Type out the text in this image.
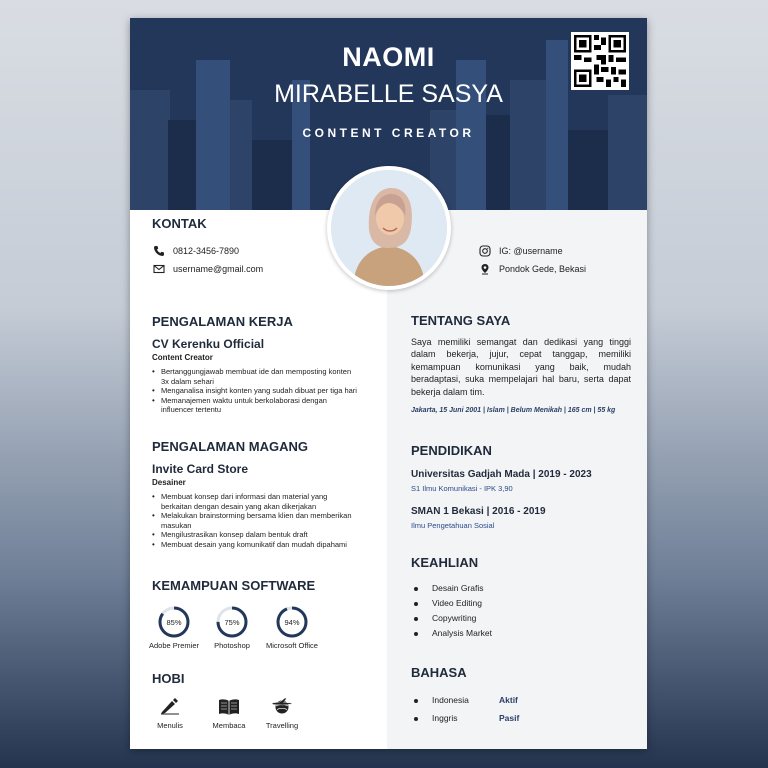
NAOMI
MIRABELLE SASYA
CONTENT CREATOR
KONTAK
0812-3456-7890
username@gmail.com
IG: @username
Pondok Gede, Bekasi
PENGALAMAN KERJA
CV Kerenku Official
Content Creator
• Bertanggungjawab membuat ide dan memposting konten
3x dalam sehari
• Menganalisa insight konten yang sudah dibuat per tiga hari
• Memanajemen waktu untuk berkolaborasi dengan
influencer tertentu
PENGALAMAN MAGANG
Invite Card Store
Desainer
• Membuat konsep dari informasi dan material yang
berkaitan dengan desain yang akan dikerjakan
• Melakukan brainstorming bersama klien dan memberikan
masukan
• Mengilustrasikan konsep dalam bentuk draft
• Membuat desain yang komunikatif dan mudah dipahami
KEMAMPUAN SOFTWARE
85%
Adobe Premier
75%
Photoshop
94%
Microsoft Office
HOBI
Menulis	Membaca	Travelling
TENTANG SAYA
Saya memiliki semangat dan dedikasi yang tinggi dalam bekerja, jujur, cepat tanggap, memiliki kemampuan komunikasi yang baik, mudah beradaptasi, suka mempelajari hal baru, serta dapat bekerja dalam tim.
Jakarta, 15 Juni 2001 | Islam | Belum Menikah | 165 cm | 55 kg
PENDIDIKAN
Universitas Gadjah Mada | 2019 - 2023
S1 Ilmu Komunikasi - IPK 3,90
SMAN 1 Bekasi | 2016 - 2019
Ilmu Pengetahuan Sosial
KEAHLIAN
Desain Grafis
Video Editing
Copywriting
Analysis Market
BAHASA
Indonesia	Aktif
Inggris	Pasif
